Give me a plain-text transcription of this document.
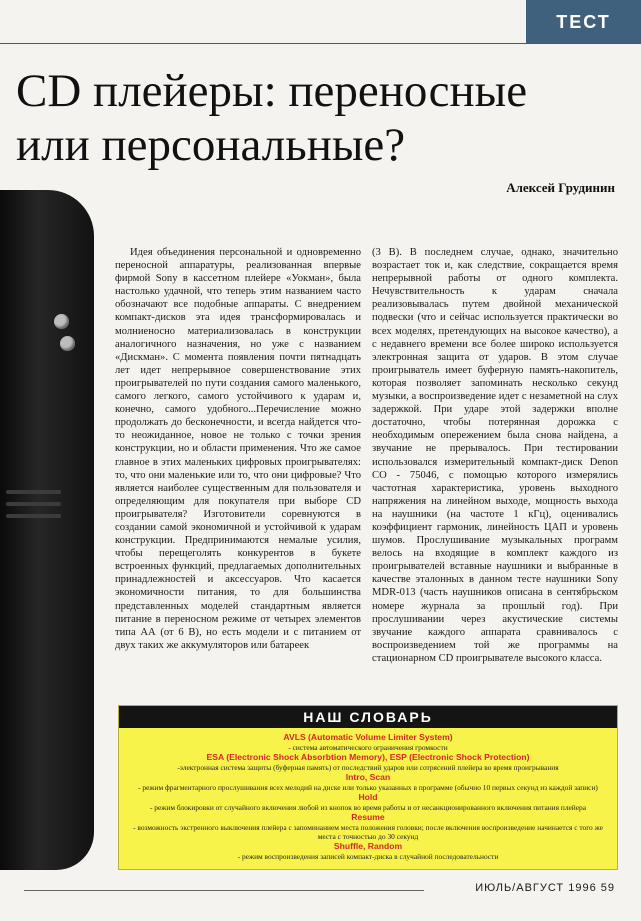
ТЕСТ
CD плейеры: переносные
или персональные?
Алексей Грудинин

Идея объединения персональной и одновременно переносной аппаратуры, реализованная впервые фирмой Sony в кассетном плейере «Уокман», была настолько удачной, что теперь этим названием часто обозначают все подобные аппараты. С внедрением компакт-дисков эта идея трансформировалась и молниеносно материализовалась в конструкции аналогичного назначения, но уже с названием «Дискман». С момента появления почти пятнадцать лет идет непрерывное совершенствование этих проигрывателей по пути создания самого маленького, самого легкого, самого устойчивого к ударам и, конечно, самого удобного...Перечисление можно продолжать до бесконечности, и всегда найдется что-то неожиданное, новое не только с точки зрения конструкции, но и области применения. Что же самое главное в этих маленьких цифровых проигрывателях: то, что они маленькие или то, что они цифровые? Что является наиболее существенным для пользователя и определяющим для покупателя при выборе CD проигрывателя? Изготовители соревнуются в создании самой экономичной и устойчивой к ударам конструкции. Предпринимаются немалые усилия, чтобы перещеголять конкурентов в букете встроенных функций, предлагаемых дополнительных принадлежностей и аксессуаров. Что касается экономичности питания, то для большинства представленных моделей стандартным является питание в переносном режиме от четырех элементов типа АА (от 6 В), но есть модели и с питанием от двух таких же аккумуляторов или батареек

(3 В). В последнем случае, однако, значительно возрастает ток и, как следствие, сокращается время непрерывной работы от одного комплекта. Нечувствительность к ударам сначала реализовывалась путем двойной механической подвески (что и сейчас используется практически во всех моделях, претендующих на высокое качество), а с недавнего времени все более широко используется электронная защита от ударов. В этом случае проигрыватель имеет буферную память-накопитель, которая позволяет запоминать несколько секунд музыки, а воспроизведение идет с незаметной на слух задержкой. При ударе этой задержки вполне достаточно, чтобы потерянная дорожка с необходимым опережением была снова найдена, а звучание не прерывалось. При тестировании использовался измерительный компакт-диск Denon CO - 75046, с помощью которого измерялись частотная характеристика, уровень выходного напряжения на линейном выходе, мощность выхода на наушники (на частоте 1 кГц), оценивались коэффициент гармоник, линейность ЦАП и уровень шумов. Прослушивание музыкальных программ велось на входящие в комплект каждого из проигрывателей вставные наушники и выбранные в качестве эталонных в данном тесте наушники Sony MDR-013 (часть наушников описана в сентябрьском номере журнала за прошлый год). При прослушивании через акустические системы звучание каждого аппарата сравнивалось с воспроизведением той же программы на стационарном CD проигрывателе высокого класса.

НАШ СЛОВАРЬ
AVLS (Automatic Volume Limiter System)
- система автоматического ограничения громкости
ESA (Electronic Shock Absorbtion Memory), ESP (Electronic Shock Protection)
-электронная система защиты (буферная память) от последствий ударов или сотрясений плейера во время проигрывания
Intro, Scan
- режим фрагментарного прослушивания всех мелодий на диске или только указанных в программе (обычно 10 первых секунд из каждой записи)
Hold
- режим блокировки от случайного включения любой из кнопок во время работы и от несанкционированного включения питания плейера
Resume
- возможность экстренного выключения плейера с запоминанием места положения головки; после включения воспроизведение начинается с того же места с точностью до 30 секунд
Shuffle, Random
- режим воспроизведения записей компакт-диска в случайной последовательности
ИЮЛЬ/АВГУСТ 1996 59
